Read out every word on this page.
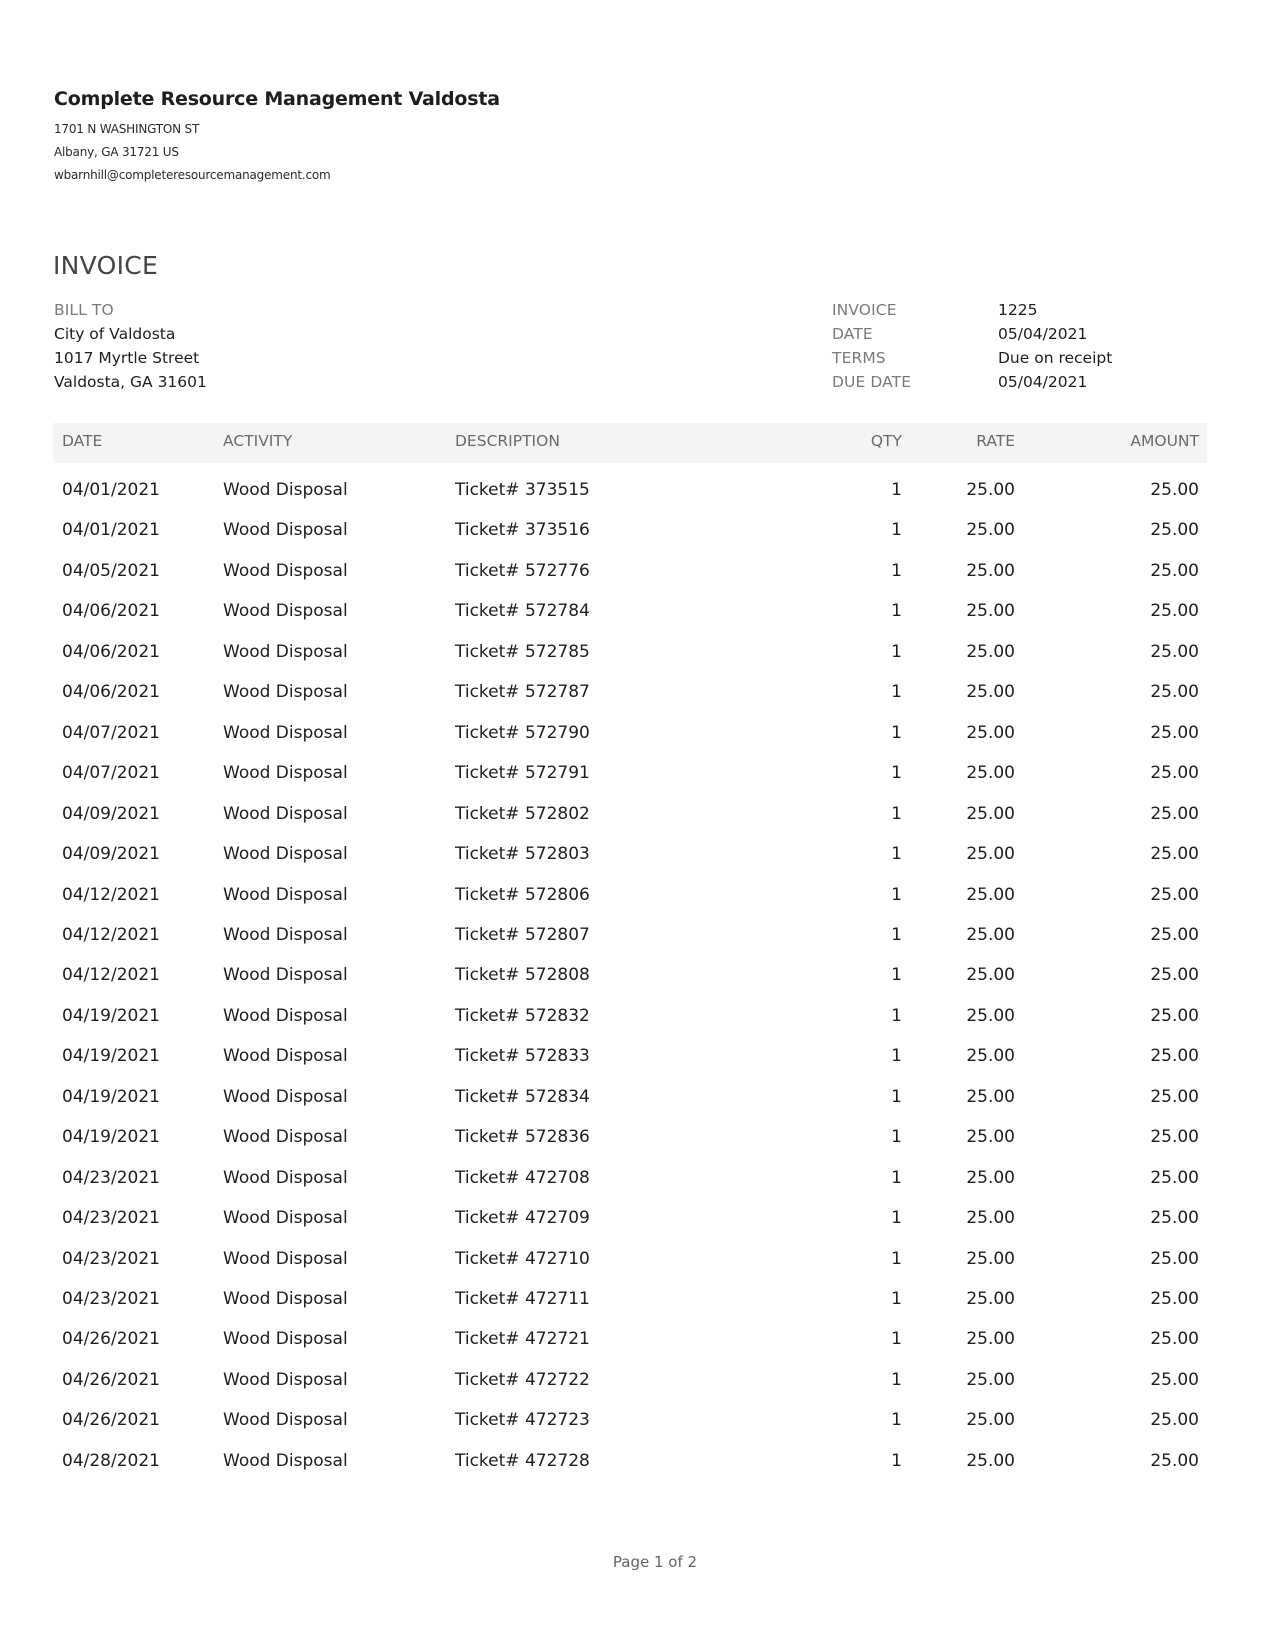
Complete Resource Management Valdosta
1701 N WASHINGTON ST
Albany, GA 31721 US
wbarnhill@completeresourcemanagement.com
INVOICE
BILL TO
City of Valdosta
1017 Myrtle Street
Valdosta, GA 31601
INVOICE	1225
DATE	05/04/2021
TERMS	Due on receipt
DUE DATE	05/04/2021
DATE	ACTIVITY	DESCRIPTION	QTY	RATE	AMOUNT
04/01/2021	Wood Disposal	Ticket# 373515	1	25.00	25.00
04/01/2021	Wood Disposal	Ticket# 373516	1	25.00	25.00
04/05/2021	Wood Disposal	Ticket# 572776	1	25.00	25.00
04/06/2021	Wood Disposal	Ticket# 572784	1	25.00	25.00
04/06/2021	Wood Disposal	Ticket# 572785	1	25.00	25.00
04/06/2021	Wood Disposal	Ticket# 572787	1	25.00	25.00
04/07/2021	Wood Disposal	Ticket# 572790	1	25.00	25.00
04/07/2021	Wood Disposal	Ticket# 572791	1	25.00	25.00
04/09/2021	Wood Disposal	Ticket# 572802	1	25.00	25.00
04/09/2021	Wood Disposal	Ticket# 572803	1	25.00	25.00
04/12/2021	Wood Disposal	Ticket# 572806	1	25.00	25.00
04/12/2021	Wood Disposal	Ticket# 572807	1	25.00	25.00
04/12/2021	Wood Disposal	Ticket# 572808	1	25.00	25.00
04/19/2021	Wood Disposal	Ticket# 572832	1	25.00	25.00
04/19/2021	Wood Disposal	Ticket# 572833	1	25.00	25.00
04/19/2021	Wood Disposal	Ticket# 572834	1	25.00	25.00
04/19/2021	Wood Disposal	Ticket# 572836	1	25.00	25.00
04/23/2021	Wood Disposal	Ticket# 472708	1	25.00	25.00
04/23/2021	Wood Disposal	Ticket# 472709	1	25.00	25.00
04/23/2021	Wood Disposal	Ticket# 472710	1	25.00	25.00
04/23/2021	Wood Disposal	Ticket# 472711	1	25.00	25.00
04/26/2021	Wood Disposal	Ticket# 472721	1	25.00	25.00
04/26/2021	Wood Disposal	Ticket# 472722	1	25.00	25.00
04/26/2021	Wood Disposal	Ticket# 472723	1	25.00	25.00
04/28/2021	Wood Disposal	Ticket# 472728	1	25.00	25.00
Page 1 of 2
